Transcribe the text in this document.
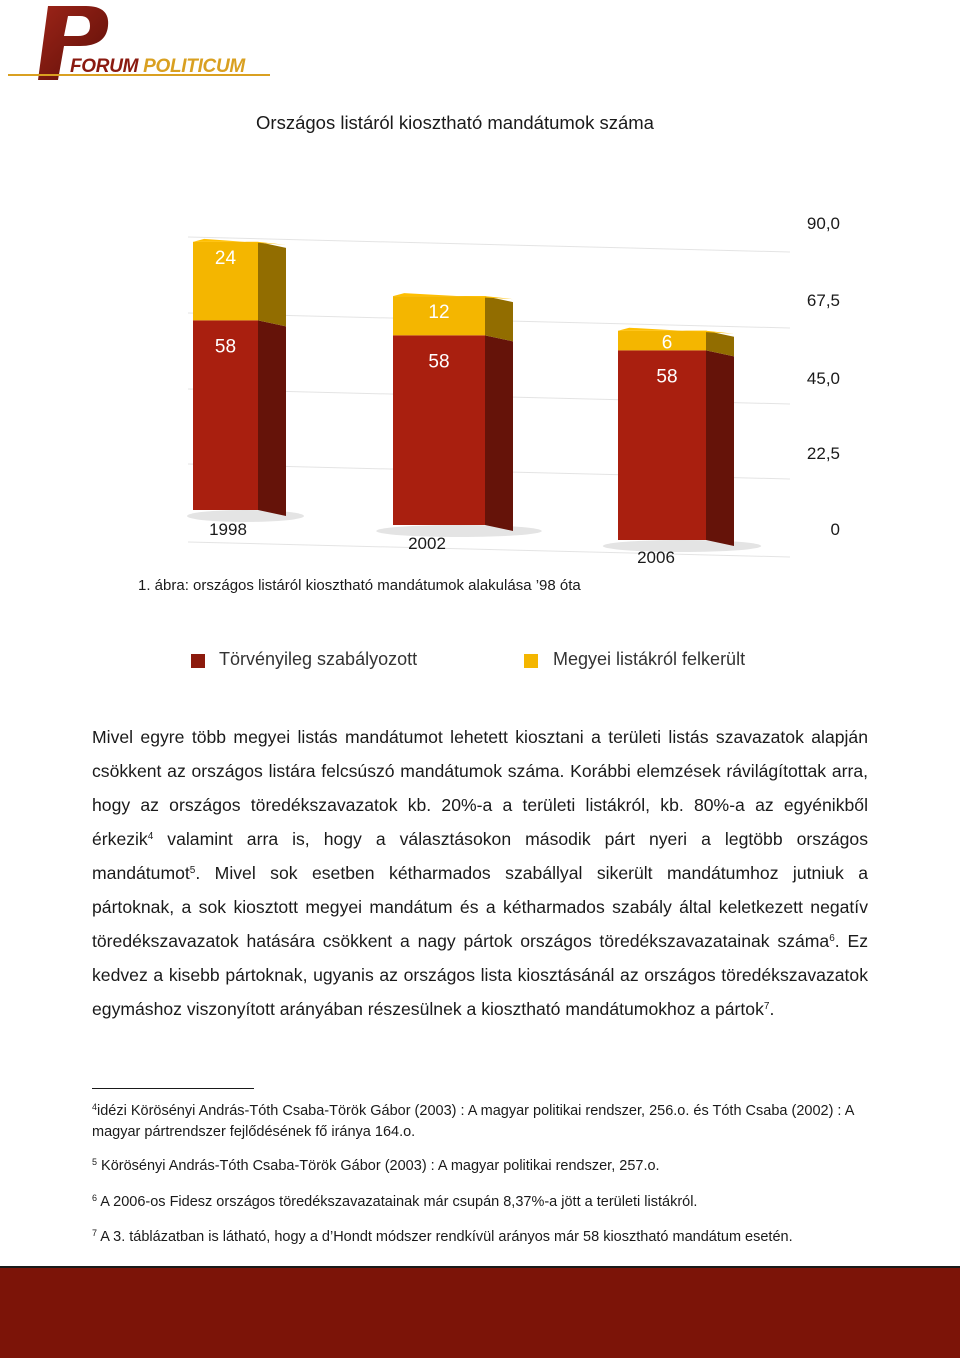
FORUM POLITICUM
Országos listáról kiosztható mandátumok száma
58
24
1998
58
12
2002
58
6
2006
90,0
67,5
45,0
22,5
0
1. ábra: országos listáról kiosztható mandátumok alakulása ’98 óta
Törvényileg szabályozott	Megyei listákról felkerült

Mivel egyre több megyei listás mandátumot lehetett kiosztani a területi listás szavazatok alapján csökkent az országos listára felcsúszó mandátumok száma. Korábbi elemzések rávilágítottak arra, hogy az országos töredékszavazatok kb. 20%-a a területi listákról, kb. 80%-a az egyénikből érkezik$^4$ valamint arra is, hogy a választásokon második párt nyeri a legtöbb országos mandátumot$^5$. Mivel sok esetben kétharmados szabállyal sikerült mandátumhoz jutniuk a pártoknak, a sok kiosztott megyei mandátum és a kétharmados szabály által keletkezett negatív töredékszavazatok hatására csökkent a nagy pártok országos töredékszavazatainak száma$^6$. Ez kedvez a kisebb pártoknak, ugyanis az országos lista kiosztásánál az országos töredékszavazatok egymáshoz viszonyított arányában részesülnek a kiosztható mandátumokhoz a pártok$^7$.

$^4$idézi Körösényi András-Tóth Csaba-Török Gábor (2003) : A magyar politikai rendszer, 256.o. és Tóth Csaba (2002) : A magyar pártrendszer fejlődésének fő iránya 164.o.
$^5$ Körösényi András-Tóth Csaba-Török Gábor (2003) : A magyar politikai rendszer, 257.o.
$^6$ A 2006-os Fidesz országos töredékszavazatainak már csupán 8,37%-a jött a területi listákról.
$^7$ A 3. táblázatban is látható, hogy a d’Hondt módszer rendkívül arányos már 58 kiosztható mandátum esetén.
